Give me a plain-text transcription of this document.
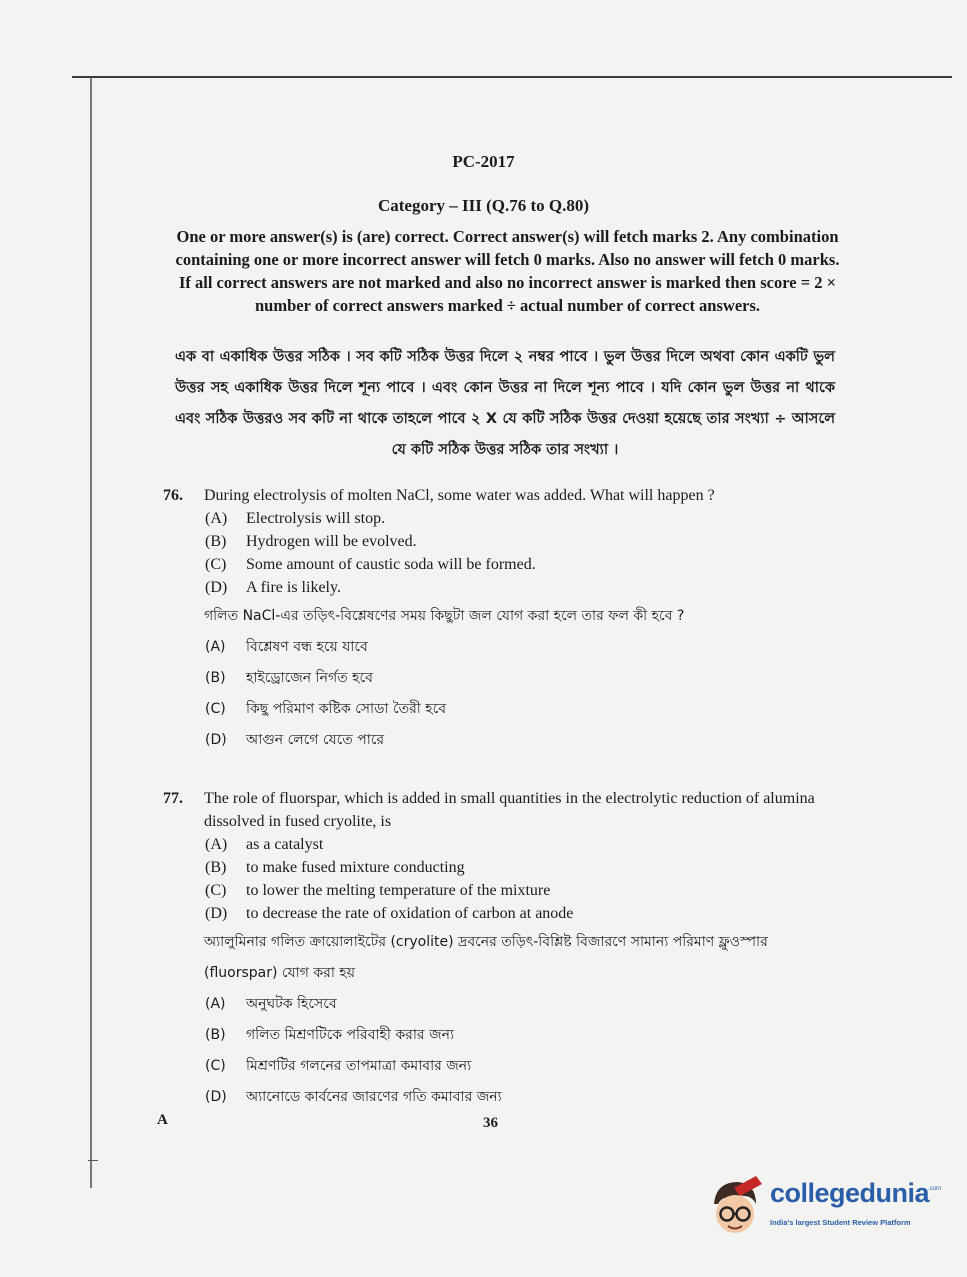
PC-2017
Category – III (Q.76 to Q.80)
One or more answer(s) is (are) correct. Correct answer(s) will fetch marks 2. Any combination containing one or more incorrect answer will fetch 0 marks. Also no answer will fetch 0 marks. If all correct answers are not marked and also no incorrect answer is marked then score = 2 × number of correct answers marked ÷ actual number of correct answers.
এক বা একাধিক উত্তর সঠিক । সব কটি সঠিক উত্তর দিলে ২ নম্বর পাবে । ভুল উত্তর দিলে অথবা কোন একটি ভুল উত্তর সহ একাধিক উত্তর দিলে শূন্য পাবে । এবং কোন উত্তর না দিলে শূন্য পাবে । যদি কোন ভুল উত্তর না থাকে এবং সঠিক উত্তরও সব কটি না থাকে তাহলে পাবে ২ X যে কটি সঠিক উত্তর দেওয়া হয়েছে তার সংখ্যা ÷ আসলে যে কটি সঠিক উত্তর সঠিক তার সংখ্যা ।
76. During electrolysis of molten NaCl, some water was added. What will happen ?
(A)	Electrolysis will stop.
(B)	Hydrogen will be evolved.
(C)	Some amount of caustic soda will be formed.
(D)	A fire is likely.
গলিত NaCl-এর তড়িৎ-বিশ্লেষণের সময় কিছুটা জল যোগ করা হলে তার ফল কী হবে ?
(A)	বিশ্লেষণ বন্ধ হয়ে যাবে
(B)	হাইড্রোজেন নির্গত হবে
(C)	কিছু পরিমাণ কষ্টিক সোডা তৈরী হবে
(D)	আগুন লেগে যেতে পারে
77. The role of fluorspar, which is added in small quantities in the electrolytic reduction of alumina dissolved in fused cryolite, is
(A)	as a catalyst
(B)	to make fused mixture conducting
(C)	to lower the melting temperature of the mixture
(D)	to decrease the rate of oxidation of carbon at anode
অ্যালুমিনার গলিত ক্রায়োলাইটের (cryolite) দ্রবনের তড়িৎ-বিশ্লিষ্ট বিজারণে সামান্য পরিমাণ ফ্লুওস্পার (fluorspar) যোগ করা হয়
(A)	অনুঘটক হিসেবে
(B)	গলিত মিশ্রণটিকে পরিবাহী করার জন্য
(C)	মিশ্রণটির গলনের তাপমাত্রা কমাবার জন্য
(D)	অ্যানোডে কার্বনের জারণের গতি কমাবার জন্য
A	36
collegedunia
.com
India's largest Student Review Platform
